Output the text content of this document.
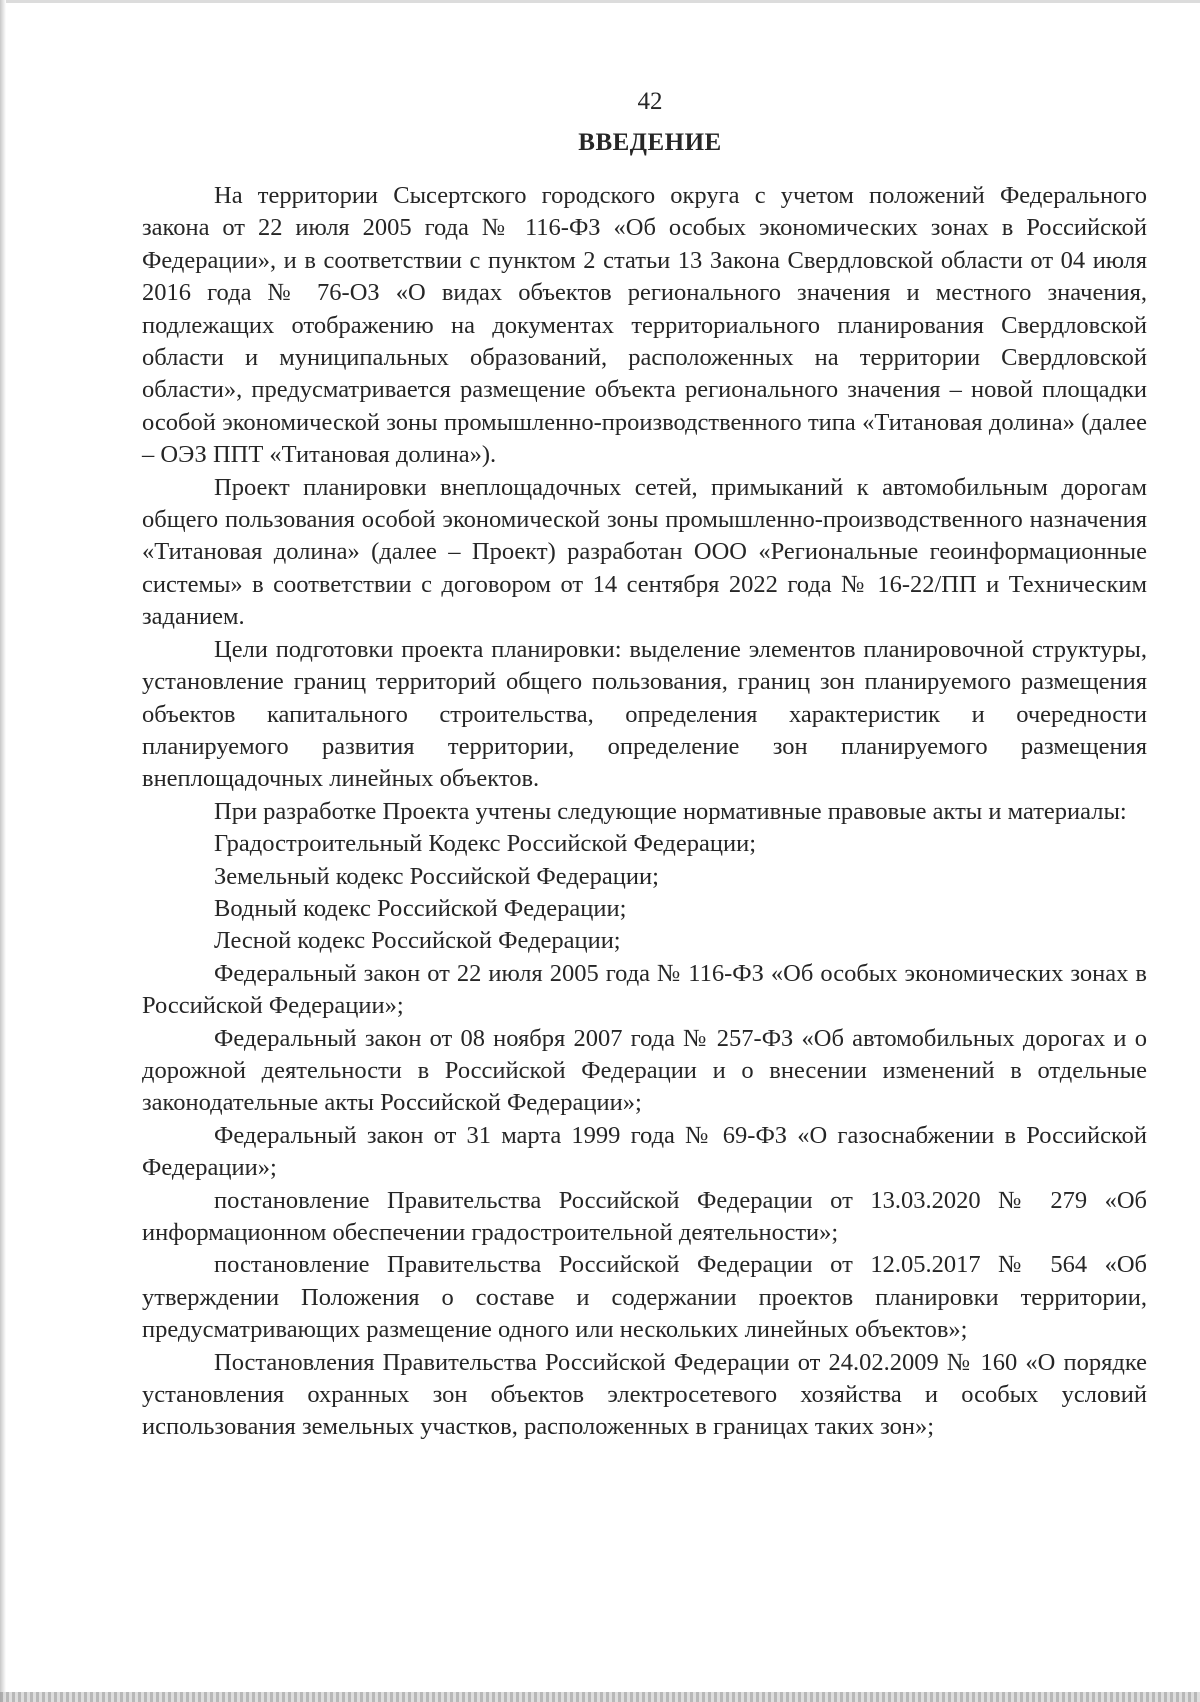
42
ВВЕДЕНИЕ

На территории Сысертского городского округа с учетом положений Федерального закона от 22 июля 2005 года № 116-ФЗ «Об особых экономических зонах в Российской Федерации», и в соответствии с пунктом 2 статьи 13 Закона Свердловской области от 04 июля 2016 года № 76-ОЗ «О видах объектов регионального значения и местного значения, подлежащих отображению на документах территориального планирования Свердловской области и муниципальных образований, расположенных на территории Свердловской области», предусматривается размещение объекта регионального значения – новой площадки особой экономической зоны промышленно-производственного типа «Титановая долина» (далее – ОЭЗ ППТ «Титановая долина»).

Проект планировки внеплощадочных сетей, примыканий к автомобильным дорогам общего пользования особой экономической зоны промышленно-производственного назначения «Титановая долина» (далее – Проект) разработан ООО «Региональные геоинформационные системы» в соответствии с договором от 14 сентября 2022 года № 16-22/ПП и Техническим заданием.

Цели подготовки проекта планировки: выделение элементов планировочной структуры, установление границ территорий общего пользования, границ зон планируемого размещения объектов капитального строительства, определения характеристик и очередности планируемого развития территории, определение зон планируемого размещения внеплощадочных линейных объектов.

При разработке Проекта учтены следующие нормативные правовые акты и материалы:

Градостроительный Кодекс Российской Федерации;

Земельный кодекс Российской Федерации;

Водный кодекс Российской Федерации;

Лесной кодекс Российской Федерации;

Федеральный закон от 22 июля 2005 года № 116-ФЗ «Об особых экономических зонах в Российской Федерации»;

Федеральный закон от 08 ноября 2007 года № 257-ФЗ «Об автомобильных дорогах и о дорожной деятельности в Российской Федерации и о внесении изменений в отдельные законодательные акты Российской Федерации»;

Федеральный закон от 31 марта 1999 года № 69-ФЗ «О газоснабжении в Российской Федерации»;

постановление Правительства Российской Федерации от 13.03.2020 № 279 «Об информационном обеспечении градостроительной деятельности»;

постановление Правительства Российской Федерации от 12.05.2017 № 564 «Об утверждении Положения о составе и содержании проектов планировки территории, предусматривающих размещение одного или нескольких линейных объектов»;

Постановления Правительства Российской Федерации от 24.02.2009 № 160 «О порядке установления охранных зон объектов электросетевого хозяйства и особых условий использования земельных участков, расположенных в границах таких зон»;
